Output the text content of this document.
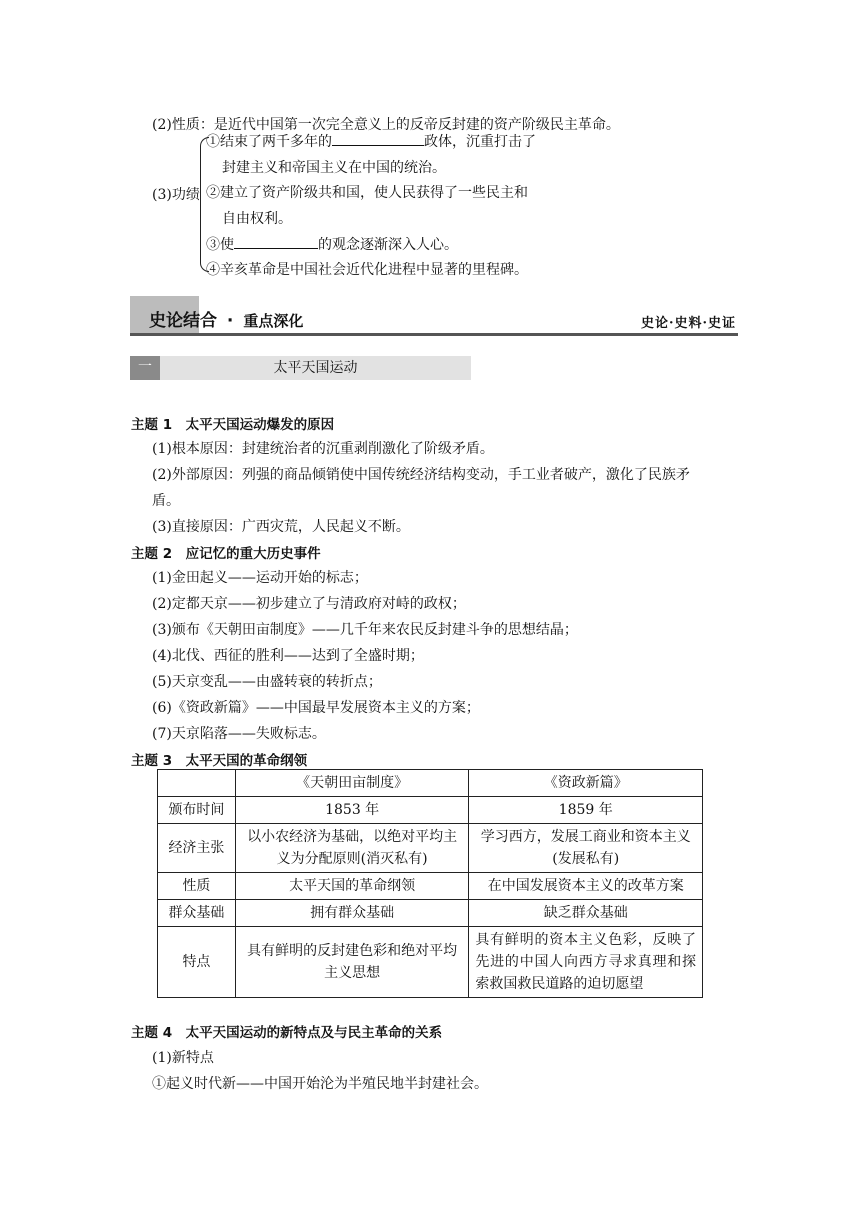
(2)性质：是近代中国第一次完全意义上的反帝反封建的资产阶级民主革命。
(3)功绩
①结束了两千多年的	政体，沉重打击了
封建主义和帝国主义在中国的统治。
②建立了资产阶级共和国，使人民获得了一些民主和
自由权利。
③使	的观念逐渐深入人心。
④辛亥革命是中国社会近代化进程中显著的里程碑。
史论结合 · 重点深化	史论·史料·史证
一	太平天国运动
主题 1　太平天国运动爆发的原因
(1)根本原因：封建统治者的沉重剥削激化了阶级矛盾。
(2)外部原因：列强的商品倾销使中国传统经济结构变动，手工业者破产，激化了民族矛
盾。
(3)直接原因：广西灾荒，人民起义不断。
主题 2　应记忆的重大历史事件
(1)金田起义——运动开始的标志；
(2)定都天京——初步建立了与清政府对峙的政权；
(3)颁布《天朝田亩制度》——几千年来农民反封建斗争的思想结晶；
(4)北伐、西征的胜利——达到了全盛时期；
(5)天京变乱——由盛转衰的转折点；
(6)《资政新篇》——中国最早发展资本主义的方案；
(7)天京陷落——失败标志。
主题 3　太平天国的革命纲领
	《天朝田亩制度》	《资政新篇》
颁布时间	1853 年	1859 年
经济主张	以小农经济为基础，以绝对平均主义为分配原则(消灭私有)	学习西方，发展工商业和资本主义(发展私有)
性质	太平天国的革命纲领	在中国发展资本主义的改革方案
群众基础	拥有群众基础	缺乏群众基础
特点	具有鲜明的反封建色彩和绝对平均主义思想	具有鲜明的资本主义色彩，反映了先进的中国人向西方寻求真理和探索救国救民道路的迫切愿望
主题 4　太平天国运动的新特点及与民主革命的关系
(1)新特点
①起义时代新——中国开始沦为半殖民地半封建社会。
